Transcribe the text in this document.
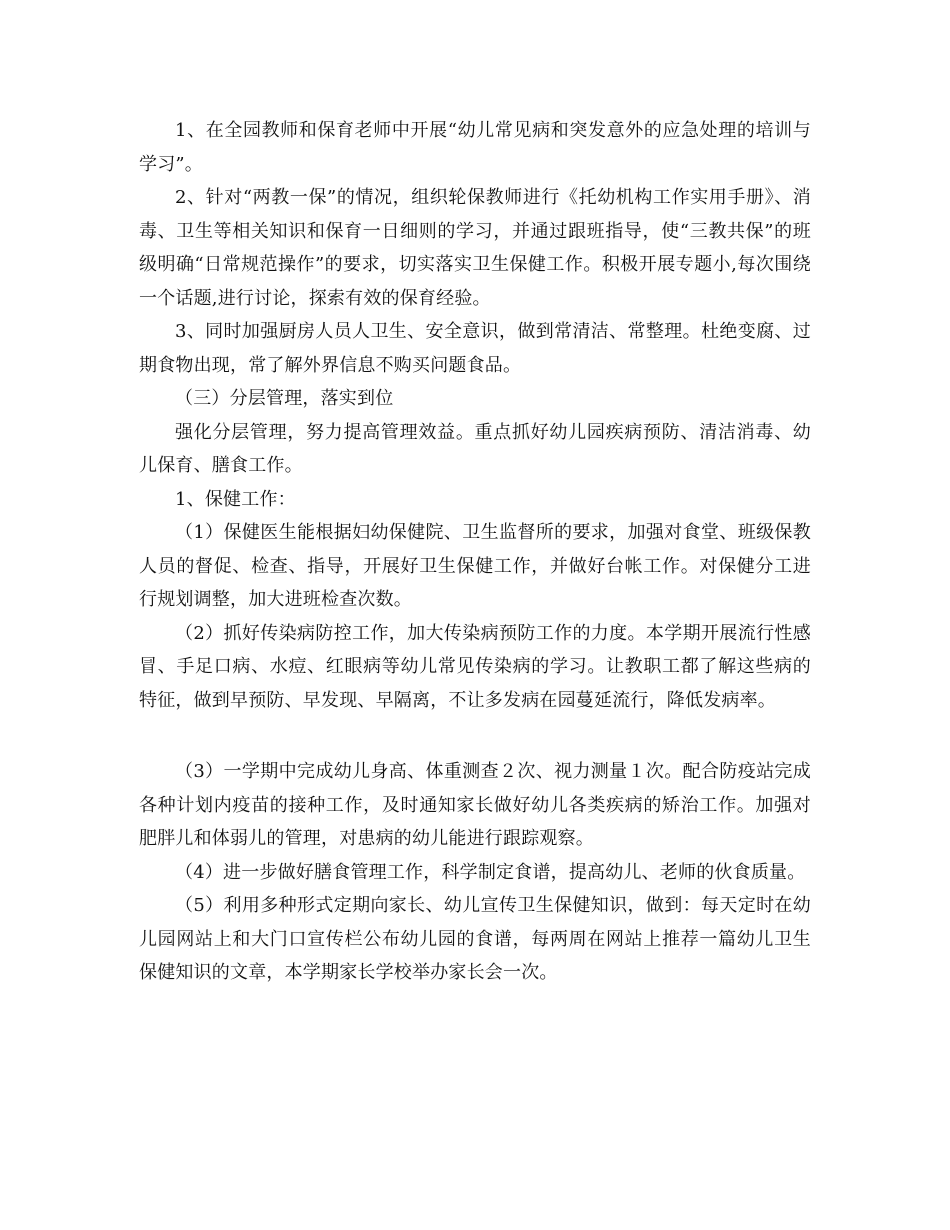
1、在全园教师和保育老师中开展“幼儿常见病和突发意外的应急处理的培训与学习”。

2、针对“两教一保”的情况，组织轮保教师进行《托幼机构工作实用手册》、消毒、卫生等相关知识和保育一日细则的学习，并通过跟班指导，使“三教共保”的班级明确“日常规范操作”的要求，切实落实卫生保健工作。积极开展专题小,每次围绕一个话题,进行讨论，探索有效的保育经验。

3、同时加强厨房人员人卫生、安全意识，做到常清洁、常整理。杜绝变腐、过期食物出现，常了解外界信息不购买问题食品。

（三）分层管理，落实到位

强化分层管理，努力提高管理效益。重点抓好幼儿园疾病预防、清洁消毒、幼儿保育、膳食工作。

1、保健工作：

（1）保健医生能根据妇幼保健院、卫生监督所的要求，加强对食堂、班级保教人员的督促、检查、指导，开展好卫生保健工作，并做好台帐工作。对保健分工进行规划调整，加大进班检查次数。

（2）抓好传染病防控工作，加大传染病预防工作的力度。本学期开展流行性感冒、手足口病、水痘、红眼病等幼儿常见传染病的学习。让教职工都了解这些病的特征，做到早预防、早发现、早隔离，不让多发病在园蔓延流行，降低发病率。

（3）一学期中完成幼儿身高、体重测查２次、视力测量１次。配合防疫站完成各种计划内疫苗的接种工作，及时通知家长做好幼儿各类疾病的矫治工作。加强对肥胖儿和体弱儿的管理，对患病的幼儿能进行跟踪观察。

（4）进一步做好膳食管理工作，科学制定食谱，提高幼儿、老师的伙食质量。

（5）利用多种形式定期向家长、幼儿宣传卫生保健知识，做到：每天定时在幼儿园网站上和大门口宣传栏公布幼儿园的食谱，每两周在网站上推荐一篇幼儿卫生保健知识的文章，本学期家长学校举办家长会一次。
